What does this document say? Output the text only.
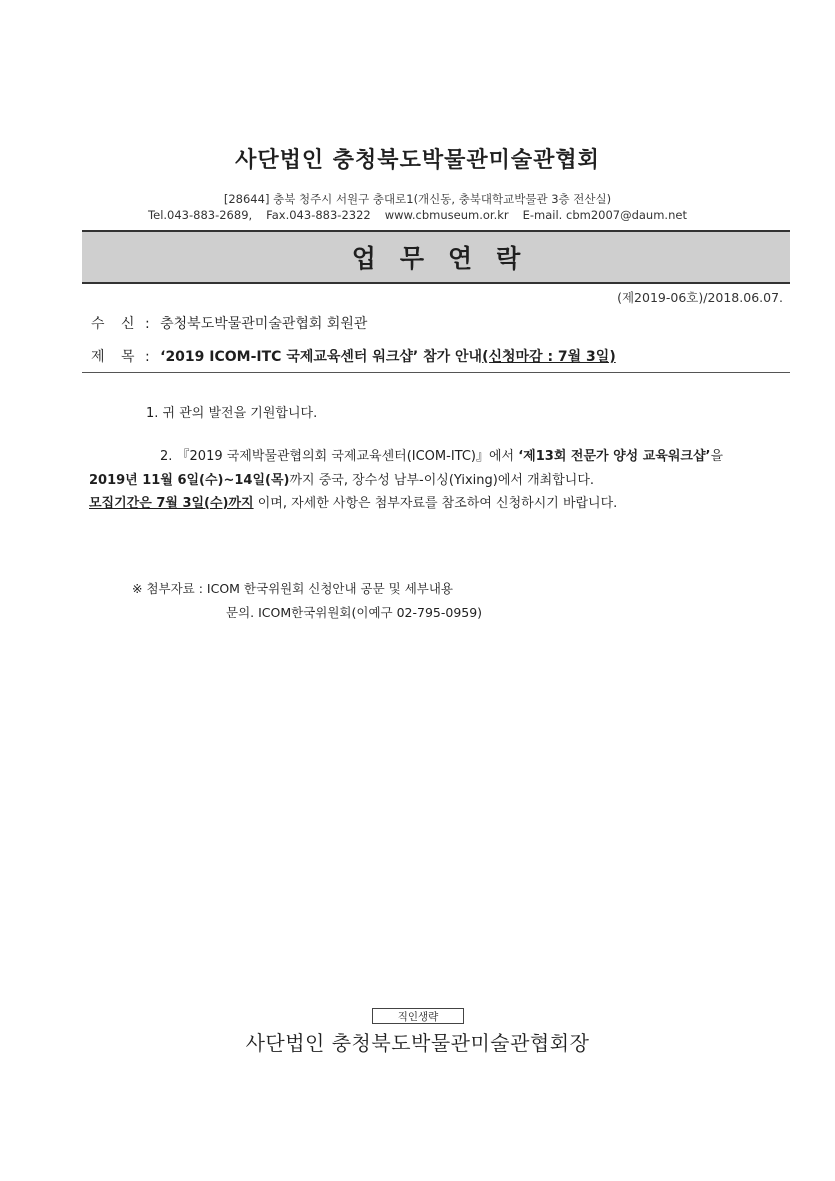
사단법인 충청북도박물관미술관협회
[28644] 충북 청주시 서원구 충대로1(개신동, 충북대학교박물관 3층 전산실)
Tel.043-883-2689, Fax.043-883-2322 www.cbmuseum.or.kr E-mail. cbm2007@daum.net
업무연락
(제2019-06호)/2018.06.07.
수 신 : 충청북도박물관미술관협회 회원관
제 목 : ‘2019 ICOM-ITC 국제교육센터 워크샵’ 참가 안내(신청마감 : 7월 3일)
1. 귀 관의 발전을 기원합니다.
2. 『2019 국제박물관협의회 국제교육센터(ICOM-ITC)』에서 ‘제13회 전문가 양성 교육워크샵’을
2019년 11월 6일(수)~14일(목)까지 중국, 장수성 남부-이싱(Yixing)에서 개최합니다.
모집기간은 7월 3일(수)까지 이며, 자세한 사항은 첨부자료를 참조하여 신청하시기 바랍니다.
※ 첨부자료 : ICOM 한국위원회 신청안내 공문 및 세부내용
문의. ICOM한국위원회(이예구 02-795-0959)
직인생략
사단법인 충청북도박물관미술관협회장
